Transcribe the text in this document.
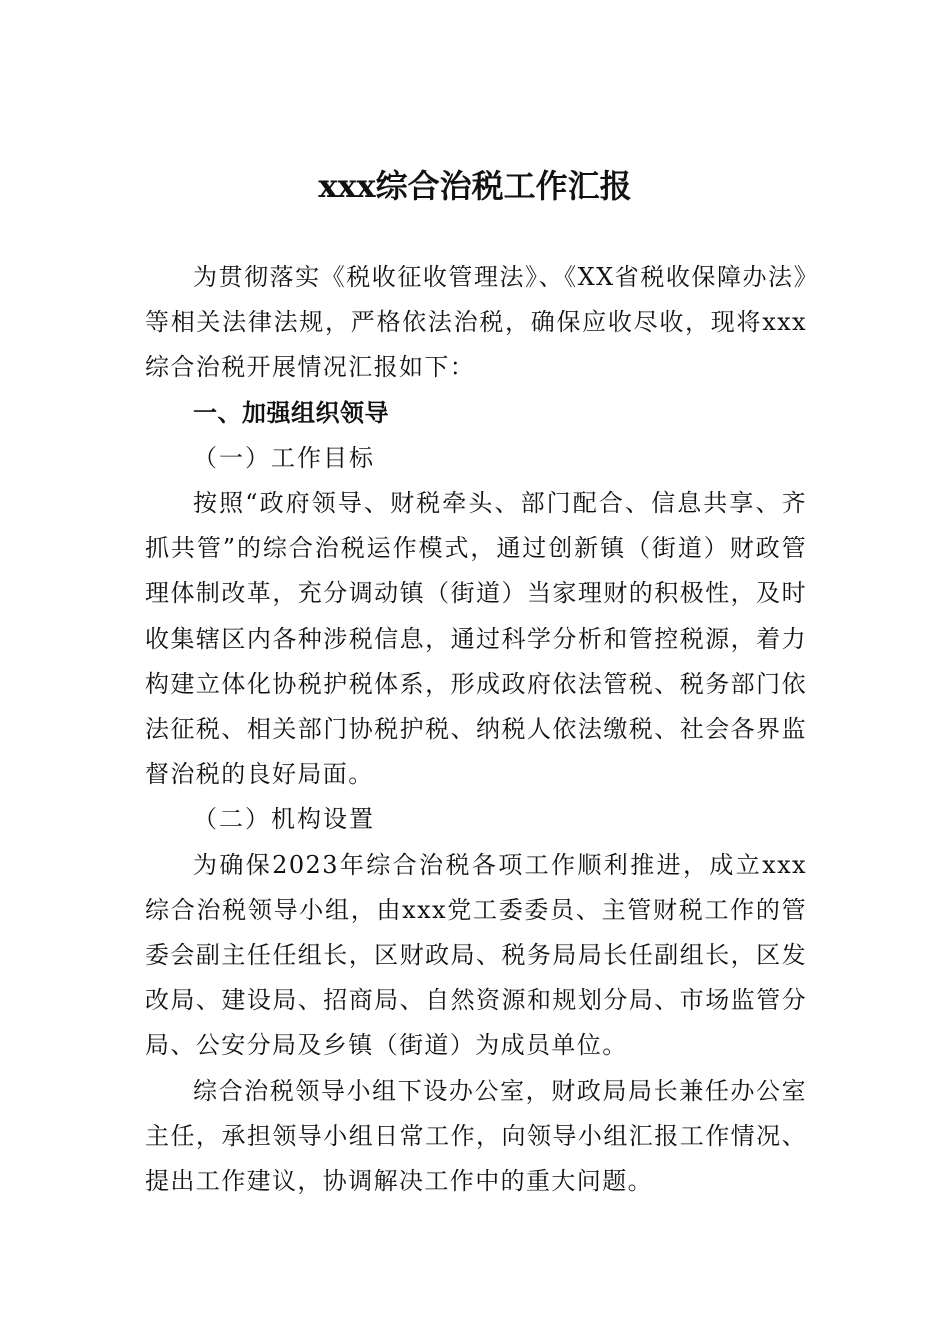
xxx综合治税工作汇报

为贯彻落实《税收征收管理法》、《XX省税收保障办法》等相关法律法规，严格依法治税，确保应收尽收，现将xxx综合治税开展情况汇报如下：

一、加强组织领导

（一）工作目标

按照“政府领导、财税牵头、部门配合、信息共享、齐抓共管”的综合治税运作模式，通过创新镇（街道）财政管理体制改革，充分调动镇（街道）当家理财的积极性，及时收集辖区内各种涉税信息，通过科学分析和管控税源，着力构建立体化协税护税体系，形成政府依法管税、税务部门依法征税、相关部门协税护税、纳税人依法缴税、社会各界监督治税的良好局面。

（二）机构设置

为确保2023年综合治税各项工作顺利推进，成立xxx综合治税领导小组，由xxx党工委委员、主管财税工作的管委会副主任任组长，区财政局、税务局局长任副组长，区发改局、建设局、招商局、自然资源和规划分局、市场监管分局、公安分局及乡镇（街道）为成员单位。

综合治税领导小组下设办公室，财政局局长兼任办公室主任，承担领导小组日常工作，向领导小组汇报工作情况、提出工作建议，协调解决工作中的重大问题。
